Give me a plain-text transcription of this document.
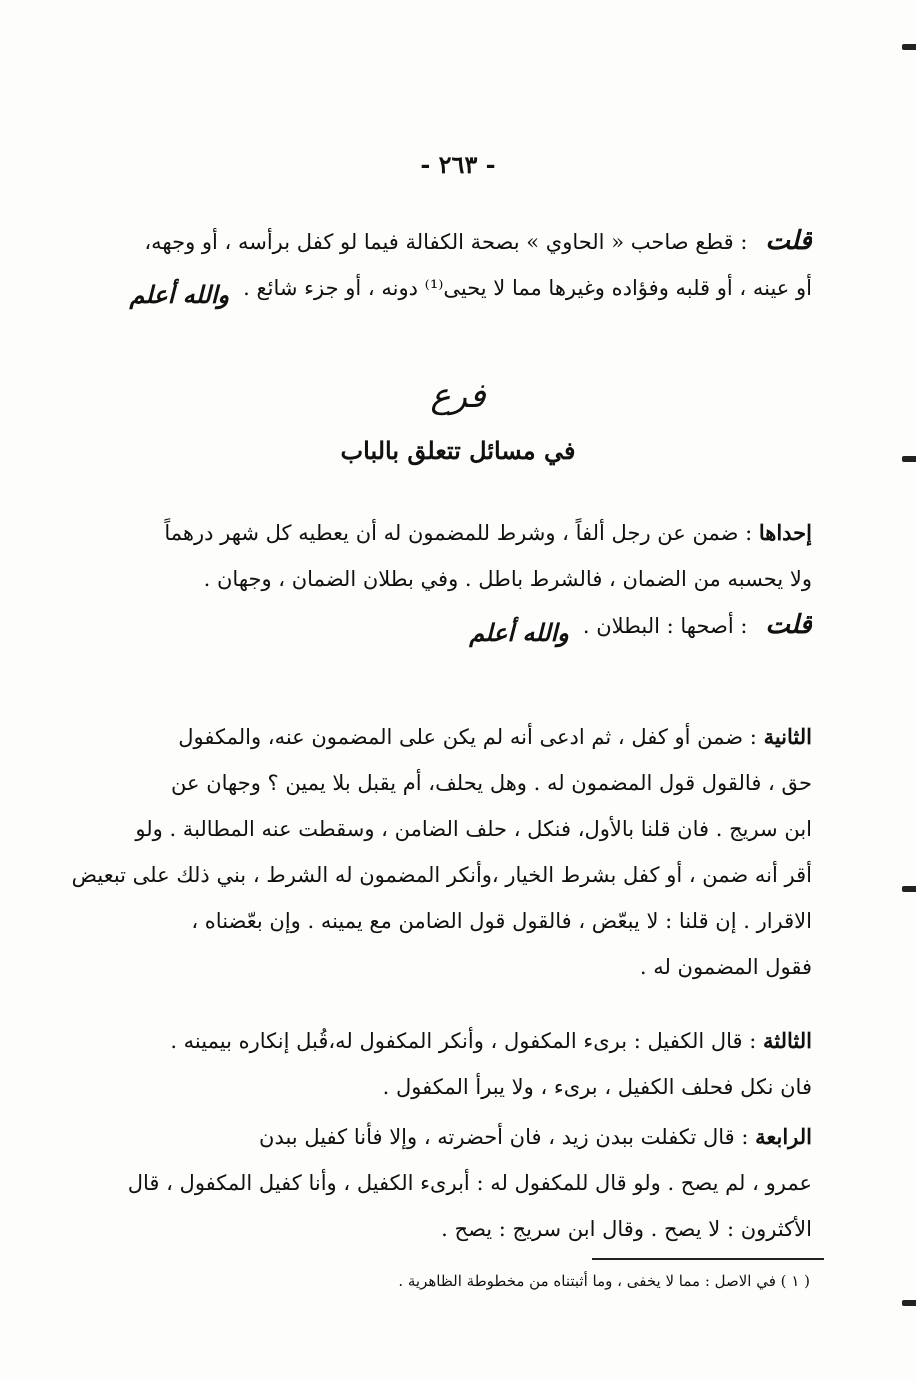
- ٢٦٣ -
قلت: قطع صاحب « الحاوي » بصحة الكفالة فيما لو كفل برأسه ، أو وجهه،
أو عينه ، أو قلبه وفؤاده وغيرها مما لا يحيى⁽¹⁾ دونه ، أو جزء شائع .والله أعلم
فرع
في مسائل تتعلق بالباب
إحداها : ضمن عن رجل ألفاً ، وشرط للمضمون له أن يعطيه كل شهر درهماً
ولا يحسبه من الضمان ، فالشرط باطل . وفي بطلان الضمان ، وجهان .
قلت: أصحها : البطلان .والله أعلم
الثانية : ضمن أو كفل ، ثم ادعى أنه لم يكن على المضمون عنه، والمكفول
حق ، فالقول قول المضمون له . وهل يحلف، أم يقبل بلا يمين ؟ وجهان عن
ابن سريج . فان قلنا بالأول، فنكل ، حلف الضامن ، وسقطت عنه المطالبة . ولو
أقر أنه ضمن ، أو كفل بشرط الخيار ،وأنكر المضمون له الشرط ، بني ذلك على تبعيض
الاقرار . إن قلنا : لا يبعّض ، فالقول قول الضامن مع يمينه . وإن بعّضناه ،
فقول المضمون له .
الثالثة : قال الكفيل : برىء المكفول ، وأنكر المكفول له،قُبل إنكاره بيمينه .
فان نكل فحلف الكفيل ، برىء ، ولا يبرأ المكفول .
الرابعة : قال تكفلت ببدن زيد ، فان أحضرته ، وإلا فأنا كفيل ببدن
عمرو ، لم يصح . ولو قال للمكفول له : أبرىء الكفيل ، وأنا كفيل المكفول ، قال
الأكثرون : لا يصح . وقال ابن سريج : يصح .
( ١ ) في الاصل : مما لا يخفى ، وما أثبتناه من مخطوطة الظاهرية .
